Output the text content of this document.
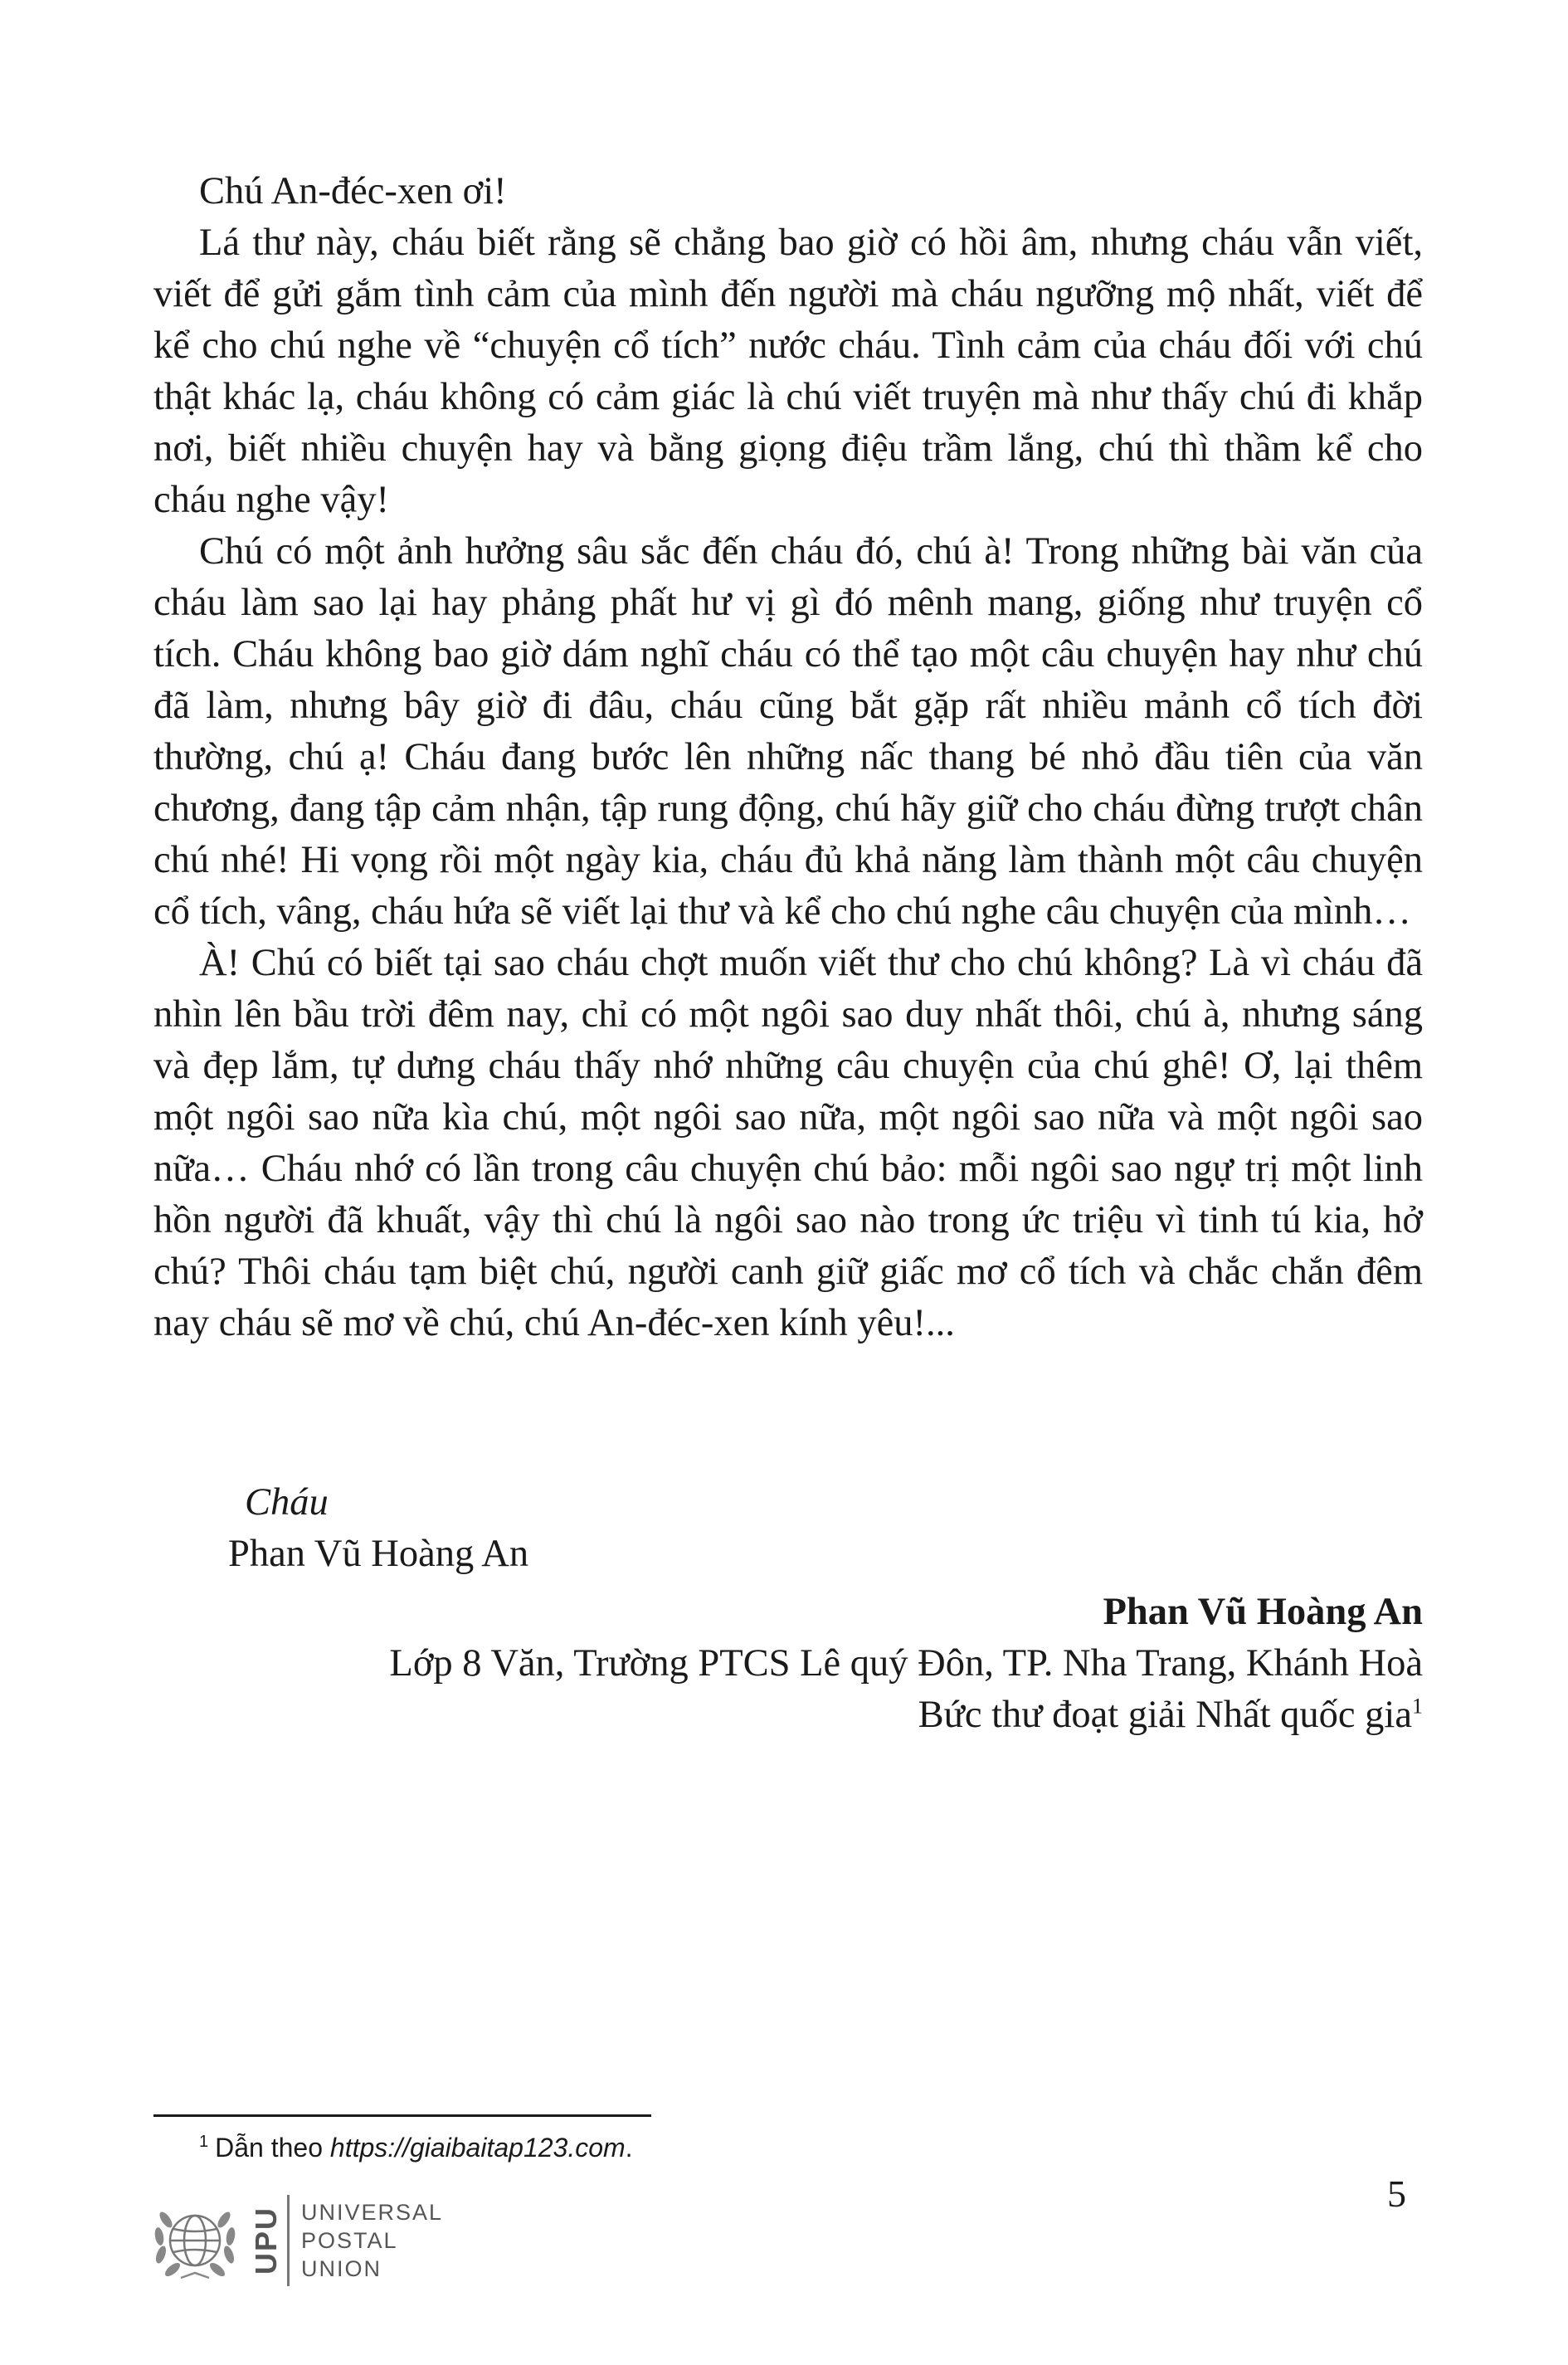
Chú An-đéc-xen ơi!

Lá thư này, cháu biết rằng sẽ chẳng bao giờ có hồi âm, nhưng cháu vẫn viết, viết để gửi gắm tình cảm của mình đến người mà cháu ngưỡng mộ nhất, viết để kể cho chú nghe về “chuyện cổ tích” nước cháu. Tình cảm của cháu đối với chú thật khác lạ, cháu không có cảm giác là chú viết truyện mà như thấy chú đi khắp nơi, biết nhiều chuyện hay và bằng giọng điệu trầm lắng, chú thì thầm kể cho cháu nghe vậy!

Chú có một ảnh hưởng sâu sắc đến cháu đó, chú à! Trong những bài văn của cháu làm sao lại hay phảng phất hư vị gì đó mênh mang, giống như truyện cổ tích. Cháu không bao giờ dám nghĩ cháu có thể tạo một câu chuyện hay như chú đã làm, nhưng bây giờ đi đâu, cháu cũng bắt gặp rất nhiều mảnh cổ tích đời thường, chú ạ! Cháu đang bước lên những nấc thang bé nhỏ đầu tiên của văn chương, đang tập cảm nhận, tập rung động, chú hãy giữ cho cháu đừng trượt chân chú nhé! Hi vọng rồi một ngày kia, cháu đủ khả năng làm thành một câu chuyện cổ tích, vâng, cháu hứa sẽ viết lại thư và kể cho chú nghe câu chuyện của mình…

À! Chú có biết tại sao cháu chợt muốn viết thư cho chú không? Là vì cháu đã nhìn lên bầu trời đêm nay, chỉ có một ngôi sao duy nhất thôi, chú à, nhưng sáng và đẹp lắm, tự dưng cháu thấy nhớ những câu chuyện của chú ghê! Ơ, lại thêm một ngôi sao nữa kìa chú, một ngôi sao nữa, một ngôi sao nữa và một ngôi sao nữa… Cháu nhớ có lần trong câu chuyện chú bảo: mỗi ngôi sao ngự trị một linh hồn người đã khuất, vậy thì chú là ngôi sao nào trong ức triệu vì tinh tú kia, hở chú? Thôi cháu tạm biệt chú, người canh giữ giấc mơ cổ tích và chắc chắn đêm nay cháu sẽ mơ về chú, chú An-đéc-xen kính yêu!...

Cháu
Phan Vũ Hoàng An
Phan Vũ Hoàng An
Lớp 8 Văn, Trường PTCS Lê quý Đôn, TP. Nha Trang, Khánh Hoà
Bức thư đoạt giải Nhất quốc gia$^1$
$^1$ Dẫn theo https://giaibaitap123.com.
5
UPU UNIVERSAL
POSTAL
UNION
